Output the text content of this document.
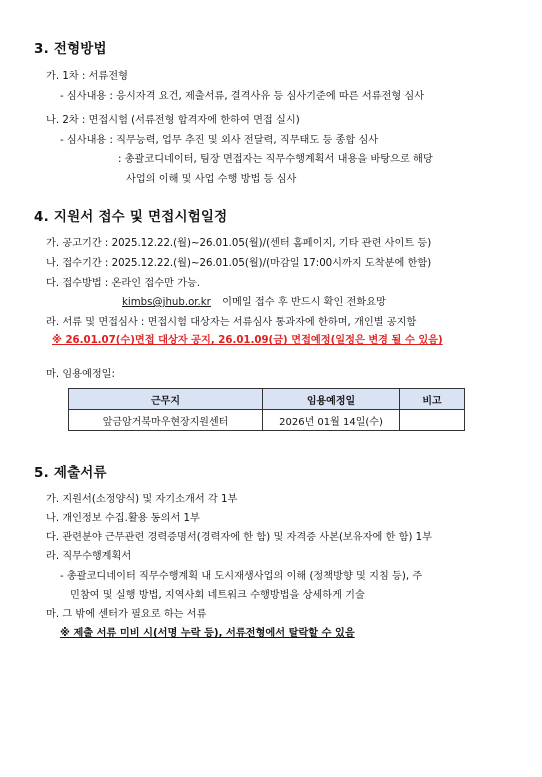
3. 전형방법
가. 1차 : 서류전형
- 심사내용 : 응시자격 요건, 제출서류, 결격사유 등 심사기준에 따른 서류전형 심사
나. 2차 : 면접시험 (서류전형 합격자에 한하여 면접 실시)
- 심사내용 : 직무능력, 업무 추진 및 외사 전달력, 직무태도 등 종합 심사
: 총괄코디네이터, 팀장 면접자는 직무수행계획서 내용을 바탕으로 해당
사업의 이해 및 사업 수행 방법 등 심사
4. 지원서 접수 및 면접시험일정
가. 공고기간 : 2025.12.22.(월)~26.01.05(월)/(센터 홈페이지, 기타 관련 사이트 등)
나. 접수기간 : 2025.12.22.(월)~26.01.05(월)/(마감일 17:00시까지 도착분에 한함)
다. 접수방법 : 온라인 접수만 가능.
kimbs@jhub.or.kr 이메일 접수 후 반드시 확인 전화요망
라. 서류 및 면접심사 : 면접시험 대상자는 서류심사 통과자에 한하며, 개인별 공지함
※ 26.01.07(수)면접 대상자 공지, 26.01.09(금) 면접예정(일정은 변경 될 수 있음)
마. 임용예정일:
근무지	임용예정일	비고
앞금암거북마우현장지원센터	2026년 01월 14일(수)	
5. 제출서류
가. 지원서(소정양식) 및 자기소개서 각 1부
나. 개인정보 수집.활용 동의서 1부
다. 관련분야 근무관련 경력증명서(경력자에 한 함) 및 자격증 사본(보유자에 한 함) 1부
라. 직무수행계획서
- 총괄코디네이터 직무수행계획 내 도시재생사업의 이해 (정책방향 및 지침 등), 주
민참여 및 실행 방법, 지역사회 네트워크 수행방법을 상세하게 기술
마. 그 밖에 센터가 필요로 하는 서류
※ 제출 서류 미비 시(서명 누락 등), 서류전형에서 탈락할 수 있음
